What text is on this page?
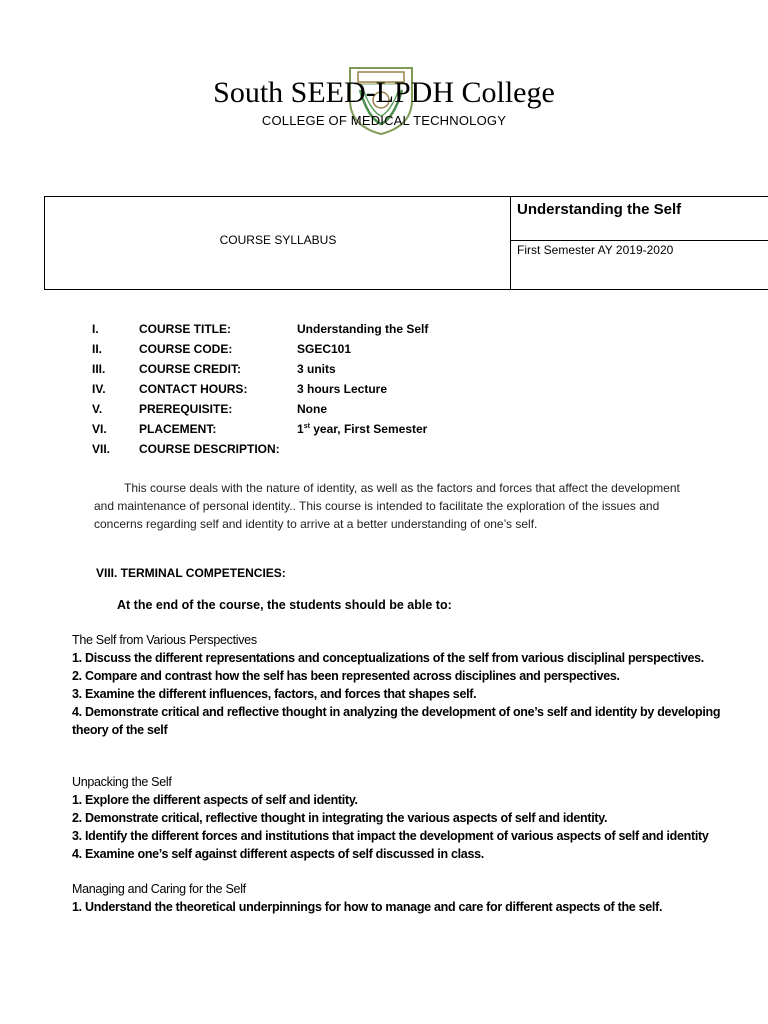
South SEED-LPDH College
COLLEGE OF MEDICAL TECHNOLOGY
COURSE SYLLABUS
Understanding the Self
First Semester AY 2019-2020
I.	COURSE TITLE:	Understanding the Self
II.	COURSE CODE:	SGEC101
III.	COURSE CREDIT:	3 units
IV.	CONTACT HOURS:	3 hours Lecture
V.	PREREQUISITE:	None
VI.	PLACEMENT:	1st year, First Semester
VII. COURSE DESCRIPTION:
This course deals with the nature of identity, as well as the factors and forces that affect the development and maintenance of personal identity.. This course is intended to facilitate the exploration of the issues and concerns regarding self and identity to arrive at a better understanding of one’s self.
VIII. TERMINAL COMPETENCIES:
At the end of the course, the students should be able to:
The Self from Various Perspectives
1. Discuss the different representations and conceptualizations of the self from various disciplinal perspectives.
2. Compare and contrast how the self has been represented across disciplines and perspectives.
3. Examine the different influences, factors, and forces that shapes self.
4. Demonstrate critical and reflective thought in analyzing the development of one’s self and identity by developing theory of the self
Unpacking the Self
1. Explore the different aspects of self and identity.
2. Demonstrate critical, reflective thought in integrating the various aspects of self and identity.
3. Identify the different forces and institutions that impact the development of various aspects of self and identity
4. Examine one’s self against different aspects of self discussed in class.
Managing and Caring for the Self
1. Understand the theoretical underpinnings for how to manage and care for different aspects of the self.
